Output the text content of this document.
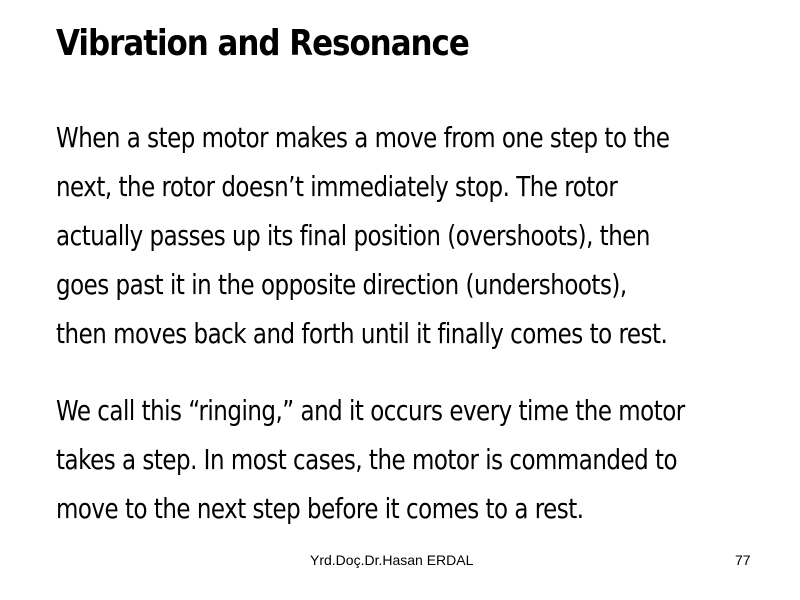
Vibration and Resonance

When a step motor makes a move from one step to the
next, the rotor doesn’t immediately stop. The rotor
actually passes up its final position (overshoots), then
goes past it in the opposite direction (undershoots),
then moves back and forth until it finally comes to rest.

We call this “ringing,” and it occurs every time the motor
takes a step. In most cases, the motor is commanded to
move to the next step before it comes to a rest.

Yrd.Doç.Dr.Hasan ERDAL	77
